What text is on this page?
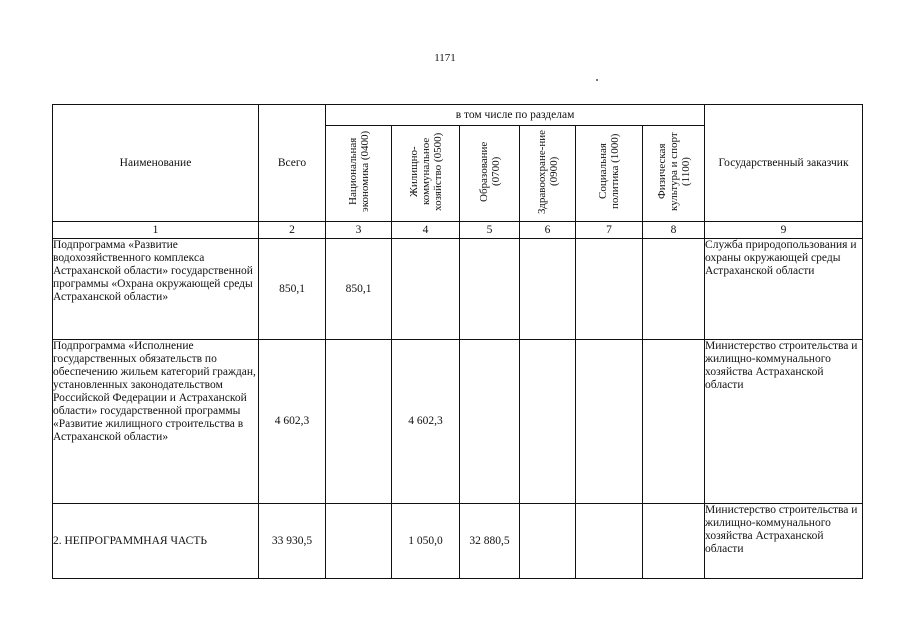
1171
Наименование	Всего	в том числе по разделам						Государственный заказчик
		Национальная экономика (0400)	Жилищно-коммунальное хозяйство (0500)	Образование (0700)	Здравоохране-ние (0900)	Социальная политика (1000)	Физическая культура и спорт (1100)	
1	2	3	4	5	6	7	8	9
Подпрограмма «Развитие водохозяйственного комплекса Астраханской области» государственной программы «Охрана окружающей среды Астраханской области»	850,1	850,1						Служба природопользования и охраны окружающей среды Астраханской области
Подпрограмма «Исполнение государственных обязательств по обеспечению жильем категорий граждан, установленных законодательством Российской Федерации и Астраханской области» государственной программы «Развитие жилищного строительства в Астраханской области»	4 602,3		4 602,3					Министерство строительства и жилищно-коммунального хозяйства Астраханской области
2. НЕПРОГРАММНАЯ ЧАСТЬ	33 930,5		1 050,0	32 880,5				Министерство строительства и жилищно-коммунального хозяйства Астраханской области
